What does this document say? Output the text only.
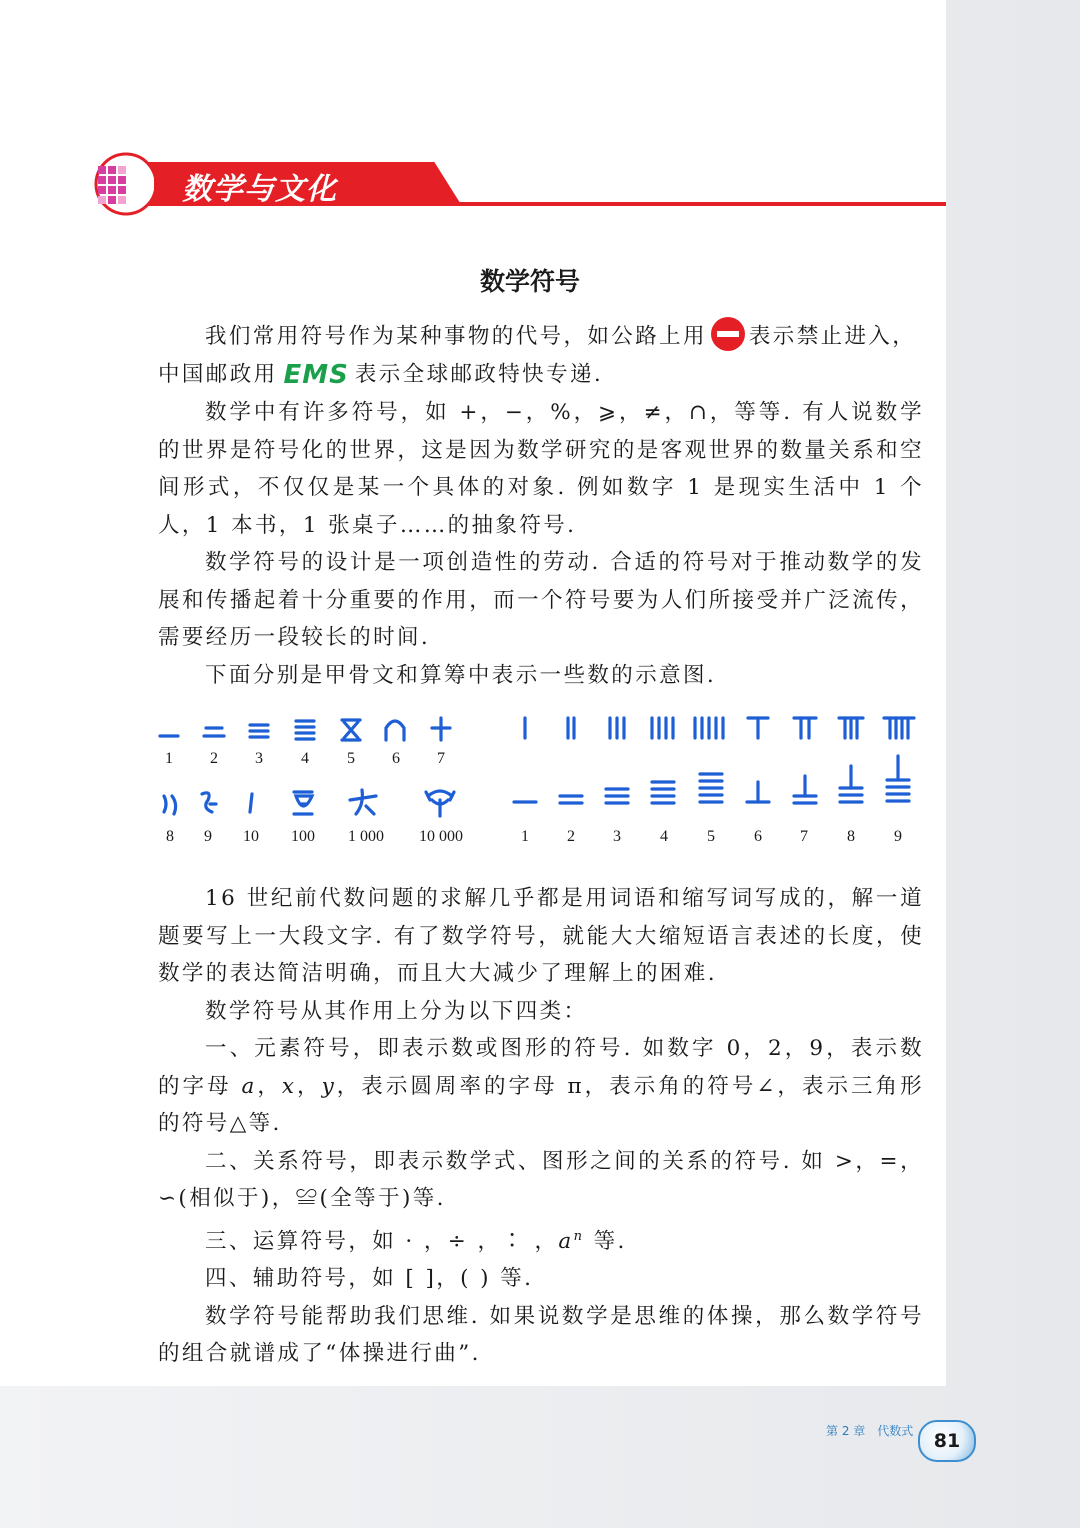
数学与文化
数学符号

我们常用符号作为某种事物的代号，如公路上用 表示禁止进入，

中国邮政用 EMS 表示全球邮政特快专递.

数学中有许多符号，如 +，−，%，⩾，≠，∩，等等. 有人说数学的世界是符号化的世界，这是因为数学研究的是客观世界的数量关系和空间形式，不仅仅是某一个具体的对象. 例如数字 1 是现实生活中 1 个人，1 本书，1 张桌子……的抽象符号.

数学符号的设计是一项创造性的劳动. 合适的符号对于推动数学的发展和传播起着十分重要的作用，而一个符号要为人们所接受并广泛流传，需要经历一段较长的时间.

下面分别是甲骨文和算筹中表示一些数的示意图.

1	2	3	4	5	6	7
8	9	10	100	1 000	10 000	1	2	3	4	5	6	7	8	9

16 世纪前代数问题的求解几乎都是用词语和缩写词写成的，解一道题要写上一大段文字. 有了数学符号，就能大大缩短语言表述的长度，使数学的表达简洁明确，而且大大减少了理解上的困难.

数学符号从其作用上分为以下四类：

一、元素符号，即表示数或图形的符号. 如数字 0，2，9，表示数的字母 a，x，y，表示圆周率的字母 π，表示角的符号∠，表示三角形的符号△等.

二、关系符号，即表示数学式、图形之间的关系的符号. 如 >，=，∽(相似于)，≌(全等于)等.

三、运算符号，如 · ，÷ ，∶ ，$a^n$ 等.

四、辅助符号，如 [ ]，( ) 等.

数学符号能帮助我们思维. 如果说数学是思维的体操，那么数学符号的组合就谱成了“体操进行曲”.

第 2 章　代数式	81
